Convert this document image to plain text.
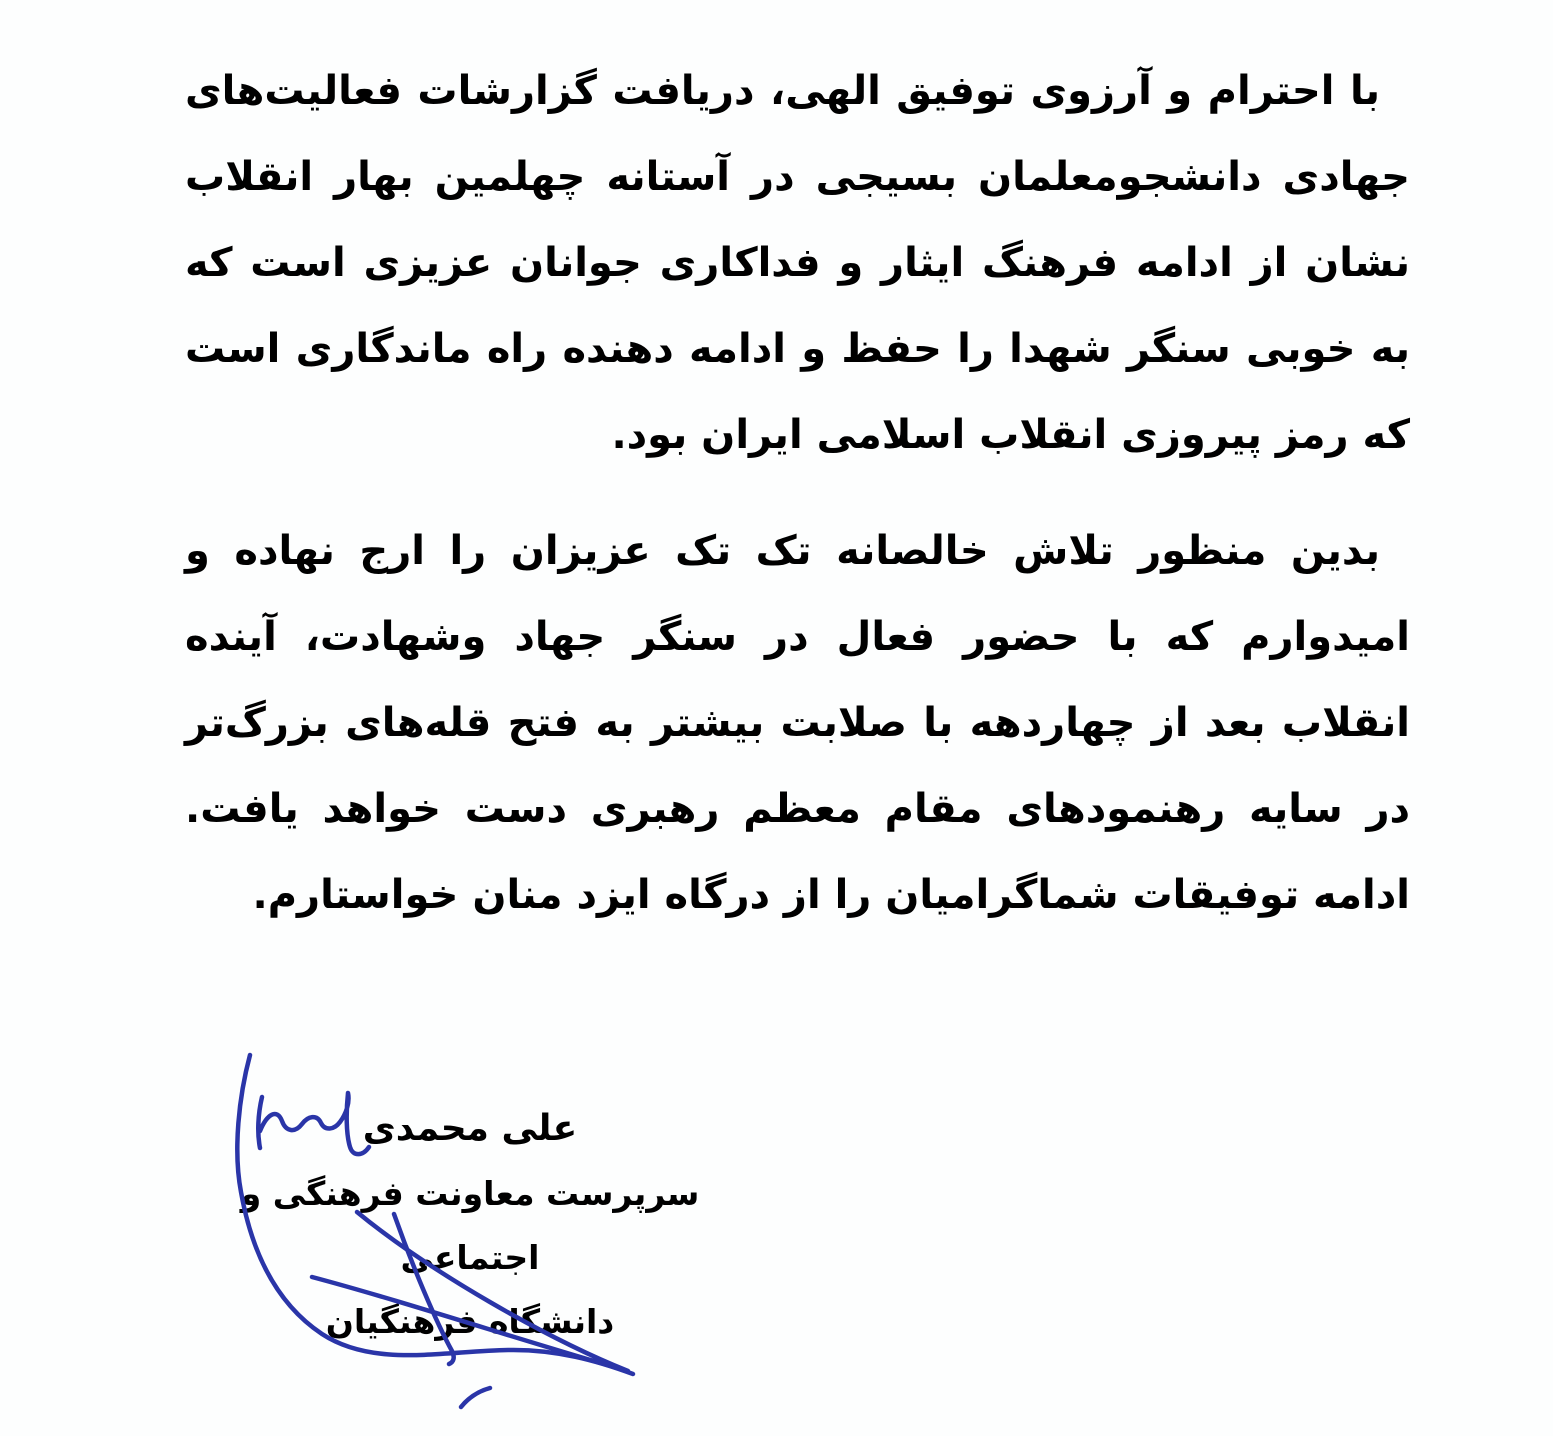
با احترام و آرزوی توفیق الهی، دریافت گزارشات فعالیت‌های جهادی دانشجومعلمان بسیجی در آستانه چهلمین بهار انقلاب نشان از ادامه فرهنگ ایثار و فداکاری جوانان عزیزی است که به خوبی سنگر شهدا را حفظ و ادامه دهنده راه ماندگاری است که رمز پیروزی انقلاب اسلامی ایران بود.

بدین منظور تلاش خالصانه تک تک عزیزان را ارج نهاده و امیدوارم که با حضور فعال در سنگر جهاد وشهادت، آینده انقلاب بعد از چهاردهه با صلابت بیشتر به فتح قله‌های بزرگ‌تر در سایه رهنمودهای مقام معظم رهبری دست خواهد یافت. ادامه توفیقات شماگرامیان را از درگاه ایزد منان خواستارم.

علی محمدی
سرپرست معاونت فرهنگی و اجتماعی
دانشگاه فرهنگیان
